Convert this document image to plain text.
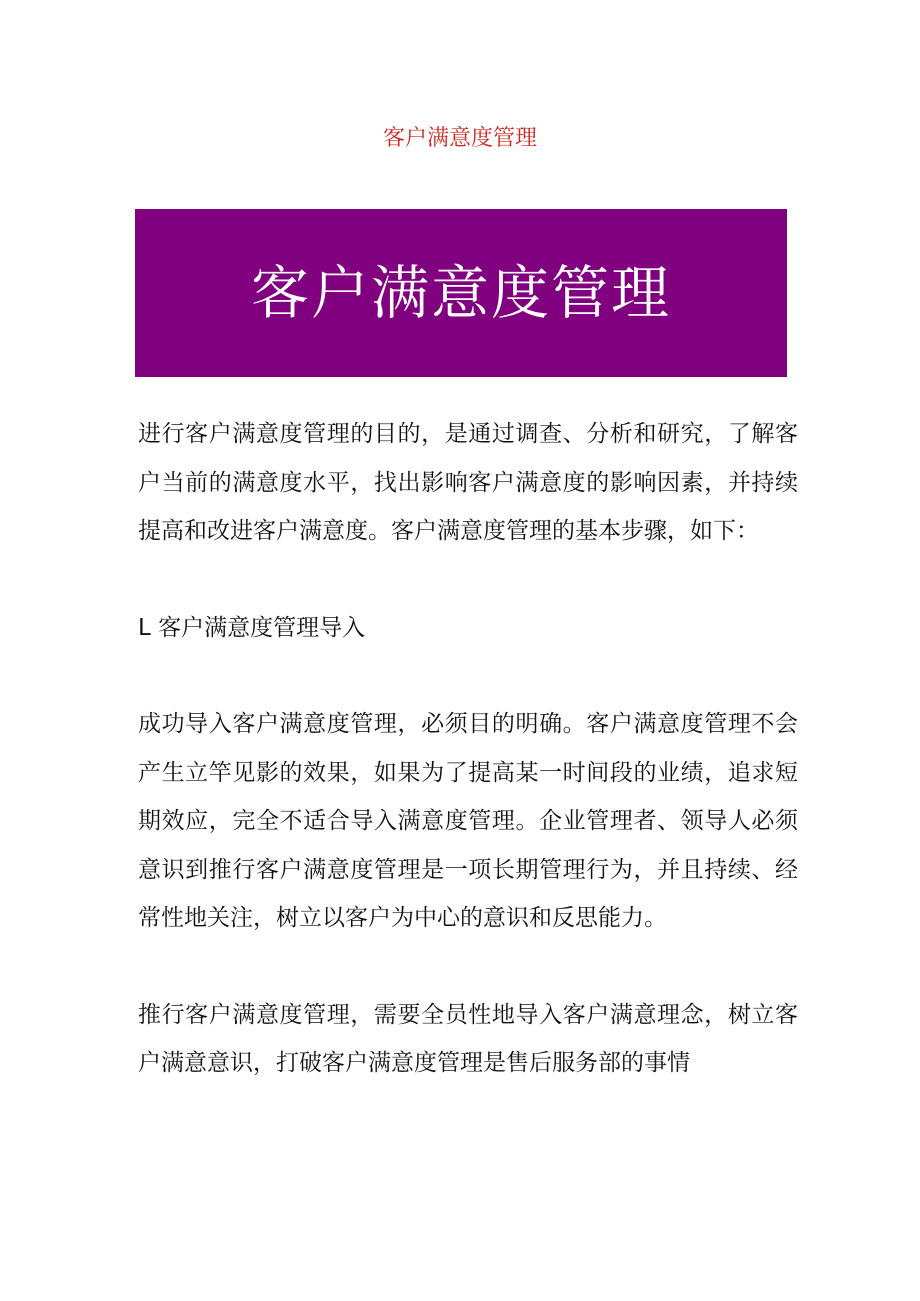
客户满意度管理
客户满意度管理

进行客户满意度管理的目的，是通过调查、分析和研究，了解客户当前的满意度水平，找出影响客户满意度的影响因素，并持续提高和改进客户满意度。客户满意度管理的基本步骤，如下：

L 客户满意度管理导入

成功导入客户满意度管理，必须目的明确。客户满意度管理不会产生立竿见影的效果，如果为了提高某一时间段的业绩，追求短期效应，完全不适合导入满意度管理。企业管理者、领导人必须意识到推行客户满意度管理是一项长期管理行为，并且持续、经常性地关注，树立以客户为中心的意识和反思能力。

推行客户满意度管理，需要全员性地导入客户满意理念，树立客户满意意识，打破客户满意度管理是售后服务部的事情
